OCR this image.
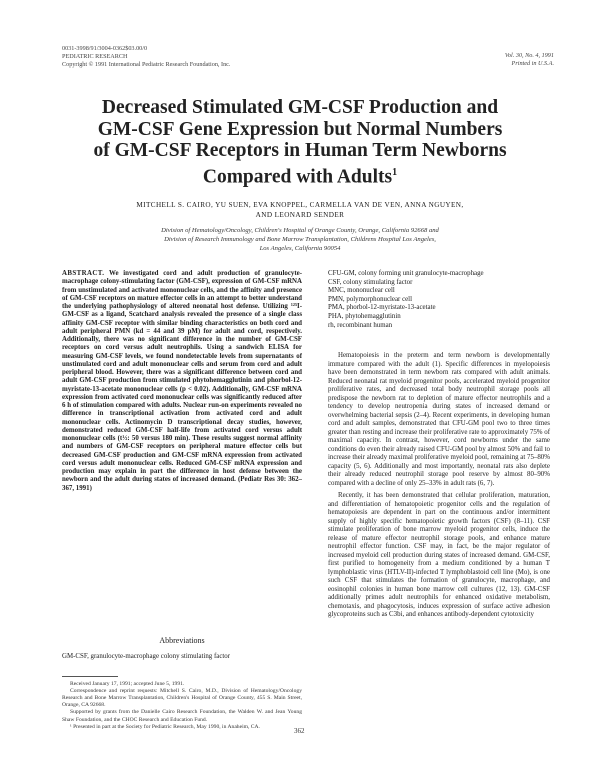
0031-3998/91/3004-0362$03.00/0
PEDIATRIC RESEARCH
Copyright © 1991 International Pediatric Research Foundation, Inc.
Vol. 30, No. 4, 1991
Printed in U.S.A.
Decreased Stimulated GM-CSF Production and
GM-CSF Gene Expression but Normal Numbers
of GM-CSF Receptors in Human Term Newborns
Compared with Adults$^1$
MITCHELL S. CAIRO, YU SUEN, EVA KNOPPEL, CARMELLA VAN DE VEN, ANNA NGUYEN,
AND LEONARD SENDER
Division of Hematology/Oncology, Children's Hospital of Orange County, Orange, California 92668 and
Division of Research Immunology and Bone Marrow Transplantation, Childrens Hospital Los Angeles,
Los Angeles, California 90054

ABSTRACT. We investigated cord and adult production of granulocyte-macrophage colony-stimulating factor (GM-CSF), expression of GM-CSF mRNA from unstimulated and activated mononuclear cells, and the affinity and presence of GM-CSF receptors on mature effector cells in an attempt to better understand the underlying pathophysiology of altered neonatal host defense. Utilizing ¹²⁵I-GM-CSF as a ligand, Scatchard analysis revealed the presence of a single class affinity GM-CSF receptor with similar binding characteristics on both cord and adult peripheral PMN (kd = 44 and 39 pM) for adult and cord, respectively. Additionally, there was no significant difference in the number of GM-CSF receptors on cord versus adult neutrophils. Using a sandwich ELISA for measuring GM-CSF levels, we found nondetectable levels from supernatants of unstimulated cord and adult mononuclear cells and serum from cord and adult peripheral blood. However, there was a significant difference between cord and adult GM-CSF production from stimulated phytohemagglutinin and phorbol-12-myristate-13-acetate mononuclear cells (p < 0.02). Additionally, GM-CSF mRNA expression from activated cord mononuclear cells was significantly reduced after 6 h of stimulation compared with adults. Nuclear run-on experiments revealed no difference in transcriptional activation from activated cord and adult mononuclear cells. Actinomycin D transcriptional decay studies, however, demonstrated reduced GM-CSF half-life from activated cord versus adult mononuclear cells (t½: 50 versus 180 min). These results suggest normal affinity and numbers of GM-CSF receptors on peripheral mature effector cells but decreased GM-CSF production and GM-CSF mRNA expression from activated cord versus adult mononuclear cells. Reduced GM-CSF mRNA expression and production may explain in part the difference in host defense between the newborn and the adult during states of increased demand. (Pediatr Res 30: 362–367, 1991)

Abbreviations
GM-CSF, granulocyte-macrophage colony stimulating factor

Received January 17, 1991; accepted June 5, 1991.

Correspondence and reprint requests: Mitchell S. Cairo, M.D., Division of Hematology/Oncology Research and Bone Marrow Transplantation, Children's Hospital of Orange County, 455 S. Main Street, Orange, CA 92668.

Supported by grants from the Danielle Cairo Research Foundation, the Walden W. and Jean Young Shaw Foundation, and the CHOC Research and Education Fund.

¹ Presented in part at the Society for Pediatric Research, May 1990, in Anaheim, CA.

CFU-GM, colony forming unit granulocyte-macrophage
CSF, colony stimulating factor
MNC, mononuclear cell
PMN, polymorphonuclear cell
PMA, phorbol-12-myristate-13-acetate
PHA, phytohemagglutinin
rh, recombinant human

Hematopoiesis in the preterm and term newborn is developmentally immature compared with the adult (1). Specific differences in myelopoiesis have been demonstrated in term newborn rats compared with adult animals. Reduced neonatal rat myeloid progenitor pools, accelerated myeloid progenitor proliferative rates, and decreased total body neutrophil storage pools all predispose the newborn rat to depletion of mature effector neutrophils and a tendency to develop neutropenia during states of increased demand or overwhelming bacterial sepsis (2–4). Recent experiments, in developing human cord and adult samples, demonstrated that CFU-GM pool two to three times greater than resting and increase their proliferative rate to approximately 75% of maximal capacity. In contrast, however, cord newborns under the same conditions do even their already raised CFU-GM pool by almost 50% and fail to increase their already maximal proliferative myeloid pool, remaining at 75–80% capacity (5, 6). Additionally and most importantly, neonatal rats also deplete their already reduced neutrophil storage pool reserve by almost 80–90% compared with a decline of only 25–33% in adult rats (6, 7).

Recently, it has been demonstrated that cellular proliferation, maturation, and differentiation of hematopoietic progenitor cells and the regulation of hematopoiesis are dependent in part on the continuous and/or intermittent supply of highly specific hematopoietic growth factors (CSF) (8–11). CSF stimulate proliferation of bone marrow myeloid progenitor cells, induce the release of mature effector neutrophil storage pools, and enhance mature neutrophil effector function. CSF may, in fact, be the major regulator of increased myeloid cell production during states of increased demand. GM-CSF, first purified to homogeneity from a medium conditioned by a human T lymphoblastic virus (HTLV-II)-infected T lymphoblastoid cell line (Mo), is one such CSF that stimulates the formation of granulocyte, macrophage, and eosinophil colonies in human bone marrow cell cultures (12, 13). GM-CSF additionally primes adult neutrophils for enhanced oxidative metabolism, chemotaxis, and phagocytosis, induces expression of surface active adhesion glycoproteins such as C3bi, and enhances antibody-dependent cytotoxicity

362
